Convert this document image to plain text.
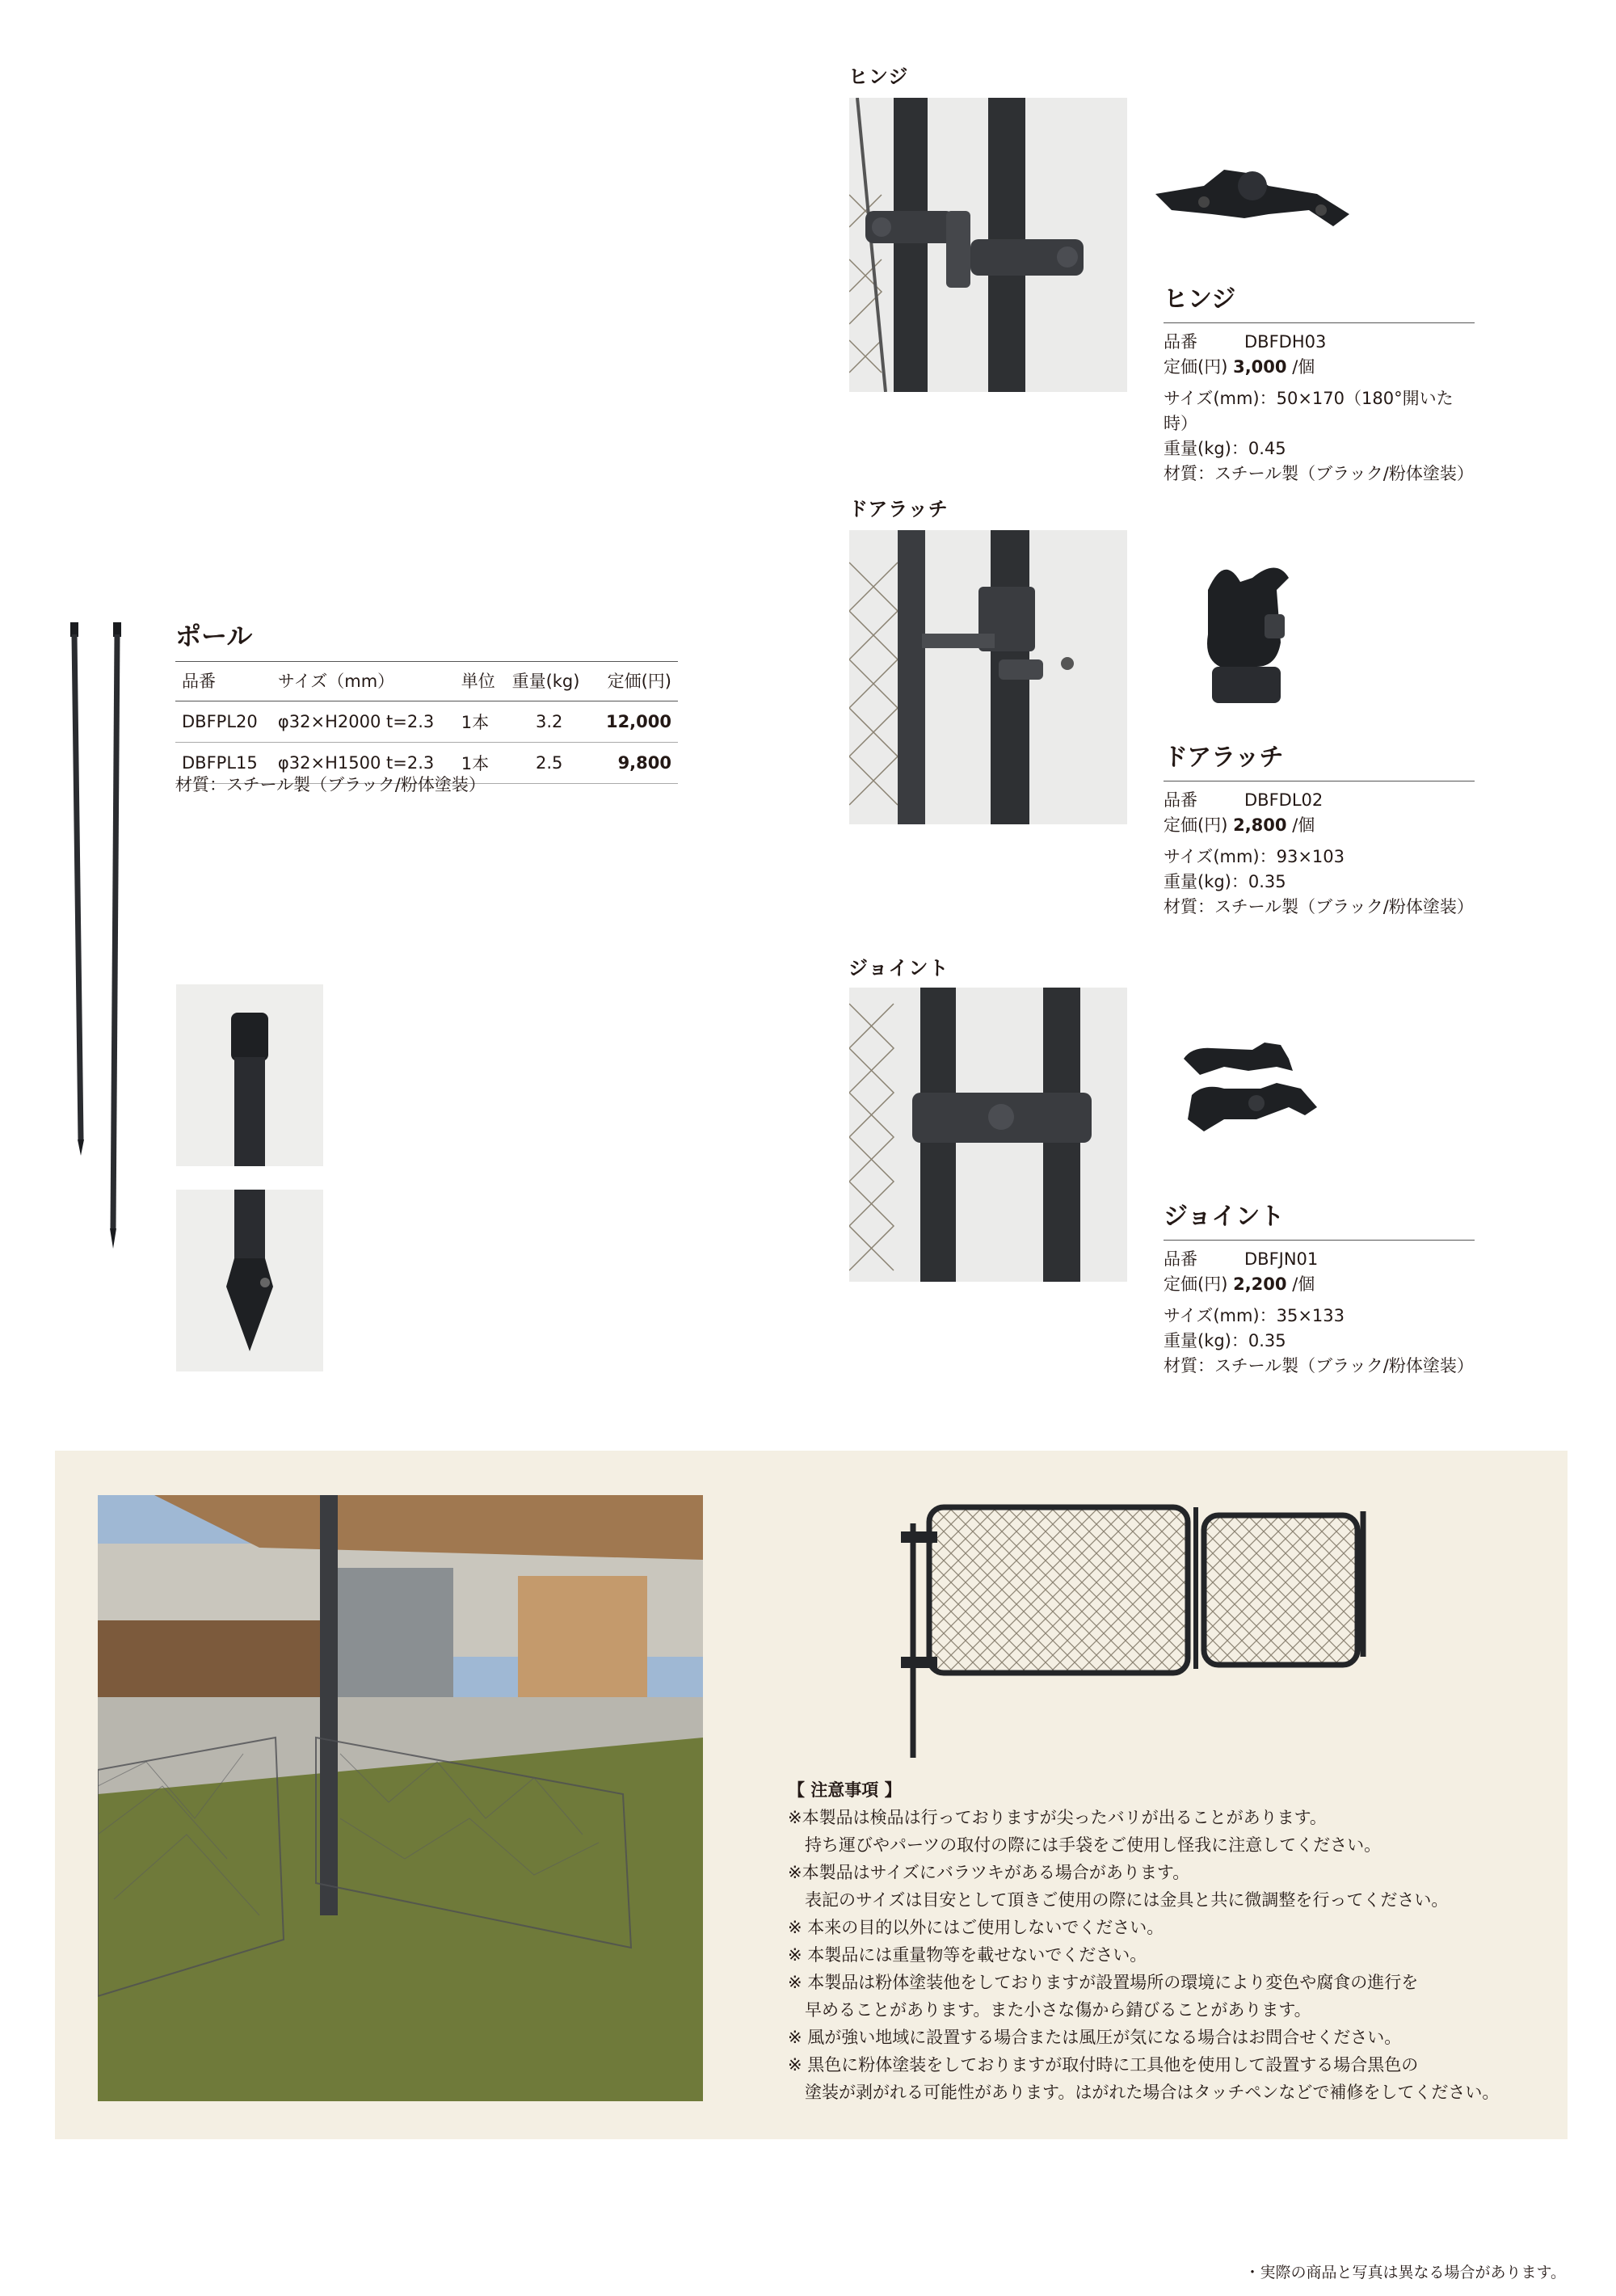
ヒンジ
ヒンジ
品番	DBFDH03
定価(円) 3,000 /個
サイズ(mm)：50×170（180°開いた時）
重量(kg)：0.45
材質：スチール製（ブラック/粉体塗装）
ドアラッチ
ドアラッチ
品番	DBFDL02
定価(円) 2,800 /個
サイズ(mm)：93×103
重量(kg)：0.35
材質：スチール製（ブラック/粉体塗装）
ジョイント
ジョイント
品番	DBFJN01
定価(円) 2,200 /個
サイズ(mm)：35×133
重量(kg)：0.35
材質：スチール製（ブラック/粉体塗装）
ポール
品番	サイズ（mm）	単位	重量(kg)	定価(円)
DBFPL20	φ32×H2000 t=2.3	1本	3.2	12,000
DBFPL15	φ32×H1500 t=2.3	1本	2.5	9,800
材質：スチール製（ブラック/粉体塗装）
【 注意事項 】
※本製品は検品は行っておりますが尖ったバリが出ることがあります。
　持ち運びやパーツの取付の際には手袋をご使用し怪我に注意してください。
※本製品はサイズにバラツキがある場合があります。
　表記のサイズは目安として頂きご使用の際には金具と共に微調整を行ってください。
※ 本来の目的以外にはご使用しないでください。
※ 本製品には重量物等を載せないでください。
※ 本製品は粉体塗装他をしておりますが設置場所の環境により変色や腐食の進行を
　早めることがあります。また小さな傷から錆びることがあります。
※ 風が強い地域に設置する場合または風圧が気になる場合はお問合せください。
※ 黒色に粉体塗装をしておりますが取付時に工具他を使用して設置する場合黒色の
　塗装が剥がれる可能性があります。はがれた場合はタッチペンなどで補修をしてください。
・実際の商品と写真は異なる場合があります。
